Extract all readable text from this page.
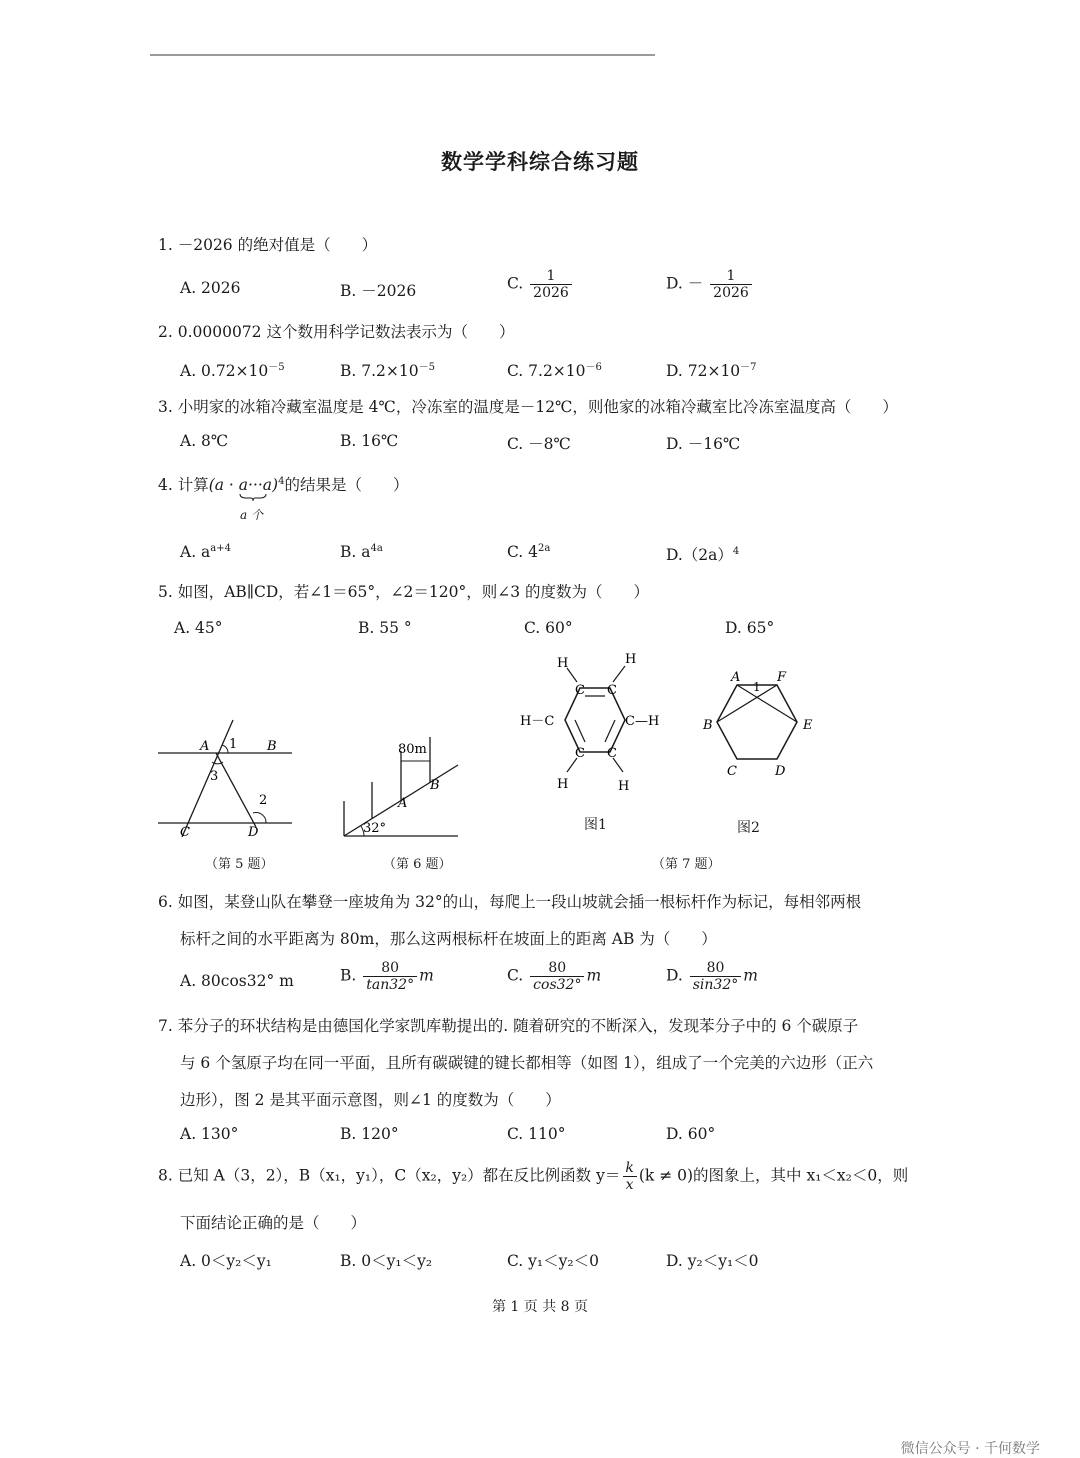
数学学科综合练习题
1. －2026 的绝对值是（　　）
A. 2026	B. －2026	C. $\frac{1}{2026}$	D. － $\frac{1}{2026}$
2. 0.0000072 这个数用科学记数法表示为（　　）
A. $0.72\times 10^{-5}$	B. $7.2\times 10^{-5}$	C. $7.2\times 10^{-6}$	D. $72\times 10^{-7}$
3. 小明家的冰箱冷藏室温度是 4℃，冷冻室的温度是－12℃，则他家的冰箱冷藏室比冷冻室温度高（　　）
A. 8℃	B. 16℃	C. －8℃	D. －16℃
4. 计算$(a \cdot a\cdot\cdot\cdot a)^4$的结果是（　　）
a 个
A. $a^{a+4}$	B. $a^{4a}$	C. $4^{2a}$	$D.(2a)^4$
5. 如图，AB∥CD，若∠1＝65°，∠2＝120°，则∠3 的度数为（　　）
A. 45°	B. 55 °	C. 60°	D. 65°
A	B
C	D
1
2
3
（第 5 题）
80m
A
B
32°
（第 6 题）
C C
C C
H	H
H	H
H－C	C—H
图1
A	F
B	E
C	D
1
图2
（第 7 题）
6. 如图，某登山队在攀登一座坡角为 32°的山，每爬上一段山坡就会插一根标杆作为标记，每相邻两根
标杆之间的水平距离为 80m，那么这两根标杆在坡面上的距离 AB 为（　　）
A. 80cos32° m	B. $\frac{80}{\tan 32^\circ}$ m	C. $\frac{80}{\cos 32^\circ}$ m	D. $\frac{80}{\sin 32^\circ}$ m
7. 苯分子的环状结构是由德国化学家凯库勒提出的. 随着研究的不断深入，发现苯分子中的 6 个碳原子
与 6 个氢原子均在同一平面，且所有碳碳键的键长都相等（如图 1），组成了一个完美的六边形（正六
边形），图 2 是其平面示意图，则∠1 的度数为（　　）
A. 130°	B. 120°	C. 110°	D. 60°
8. 已知 A（3，2），B（x₁，y₁），C（x₂，y₂）都在反比例函数 $y= \frac{k}{x} (k \ne 0)$的图象上，其中 x₁＜x₂＜0，则
下面结论正确的是（　　）
A. 0＜y₂＜y₁	B. 0＜y₁＜y₂	C. y₁＜y₂＜0	D. y₂＜y₁＜0
第 1 页 共 8 页
微信公众号 · 千何数学
